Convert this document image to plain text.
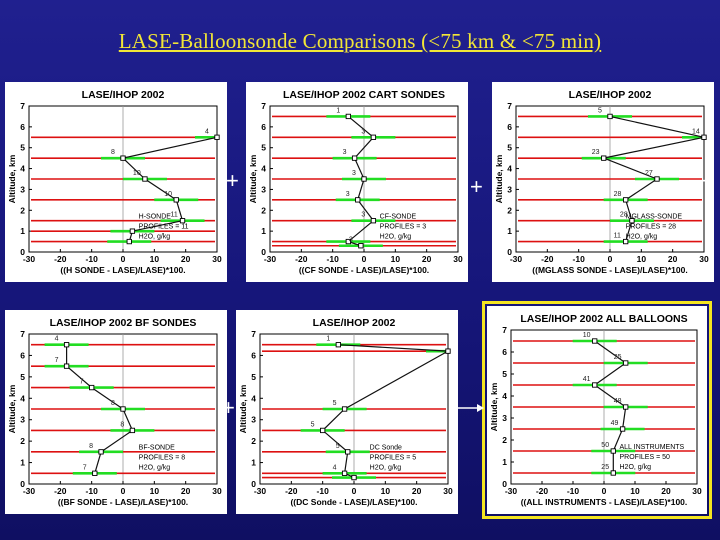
LASE-Balloonsonde Comparisons (<75 km & <75 min)
LASE/IHOP 2002
-30 -20 -10	0	10	20	30
0
1
2
3
4
5
6
7
((H SONDE - LASE)/LASE)*100.
Altitude, km
4
8
10
10
11
H-SONDE
PROFILES = 11
H2O, g/kg
LASE/IHOP 2002 CART SONDES
-30 -20 -10	0	10	20	30
0
1
2
3
4
5
6
7
((CF SONDE - LASE)/LASE)*100.
Altitude, km
1
3
3
3
3
3
3
CF-SONDE
PROFILES = 3
H2O, g/kg
LASE/IHOP 2002
-30 -20 -10	0	10	20	30
0
1
2
3
4
5
6
7
((MGLASS SONDE - LASE)/LASE)*100.
Altitude, km
5
14
23
27
28
28
11
MGLASS-SONDE
PROFILES = 28
H2O, g/kg
LASE/IHOP 2002 BF SONDES
-30 -20 -10	0	10	20	30
0
1
2
3
4
5
6
7
((BF SONDE - LASE)/LASE)*100.
Altitude, km
4
7
7
8
8
8
7
BF-SONDE
PROFILES = 8
H2O, g/kg
LASE/IHOP 2002
-30 -20 -10	0	10	20	30
0
1
2
3
4
5
6
7
((DC Sonde - LASE)/LASE)*100.
Altitude, km
1
5
5
5
4
DC Sonde
PROFILES = 5
H2O, g/kg
LASE/IHOP 2002 ALL BALLOONS
-30 -20 -10	0	10	20	30
0
1
2
3
4
5
6
7
((ALL INSTRUMENTS - LASE)/LASE)*100.
Altitude, km
10
25
41
48
49
50
25
ALL INSTRUMENTS
PROFILES = 50
H2O, g/kg
+	+	+
+
